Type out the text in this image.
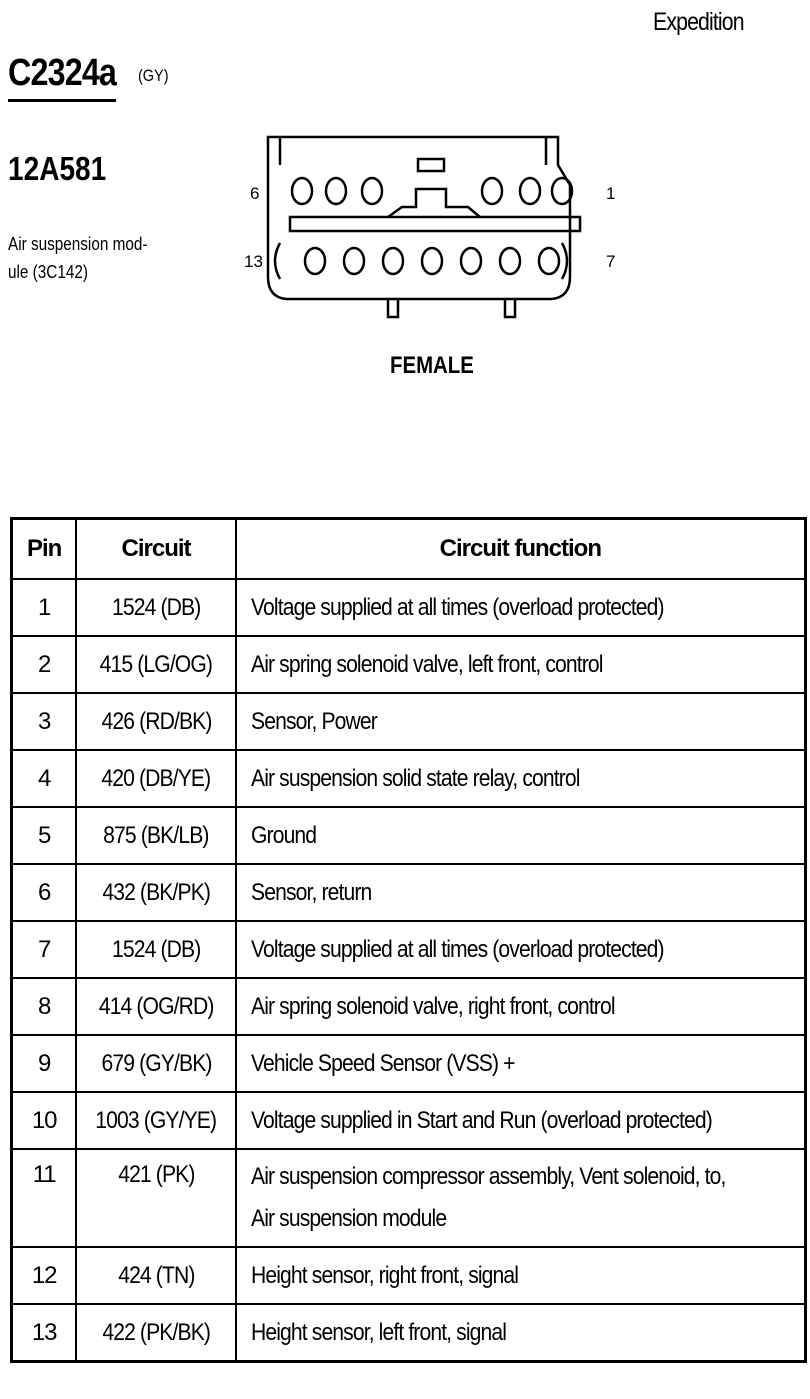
Expedition
C2324a (GY)
12A581
Air suspension mod-
ule (3C142)
6	1
13	7
FEMALE
Pin	Circuit	Circuit function
1	1524 (DB)	Voltage supplied at all times (overload protected)
2	415 (LG/OG)	Air spring solenoid valve, left front, control
3	426 (RD/BK)	Sensor, Power
4	420 (DB/YE)	Air suspension solid state relay, control
5	875 (BK/LB)	Ground
6	432 (BK/PK)	Sensor, return
7	1524 (DB)	Voltage supplied at all times (overload protected)
8	414 (OG/RD)	Air spring solenoid valve, right front, control
9	679 (GY/BK)	Vehicle Speed Sensor (VSS) +
10	1003 (GY/YE)	Voltage supplied in Start and Run (overload protected)
11	421 (PK)	Air suspension compressor assembly, Vent solenoid, to,
Air suspension module

12	424 (TN)	Height sensor, right front, signal
13	422 (PK/BK)	Height sensor, left front, signal
